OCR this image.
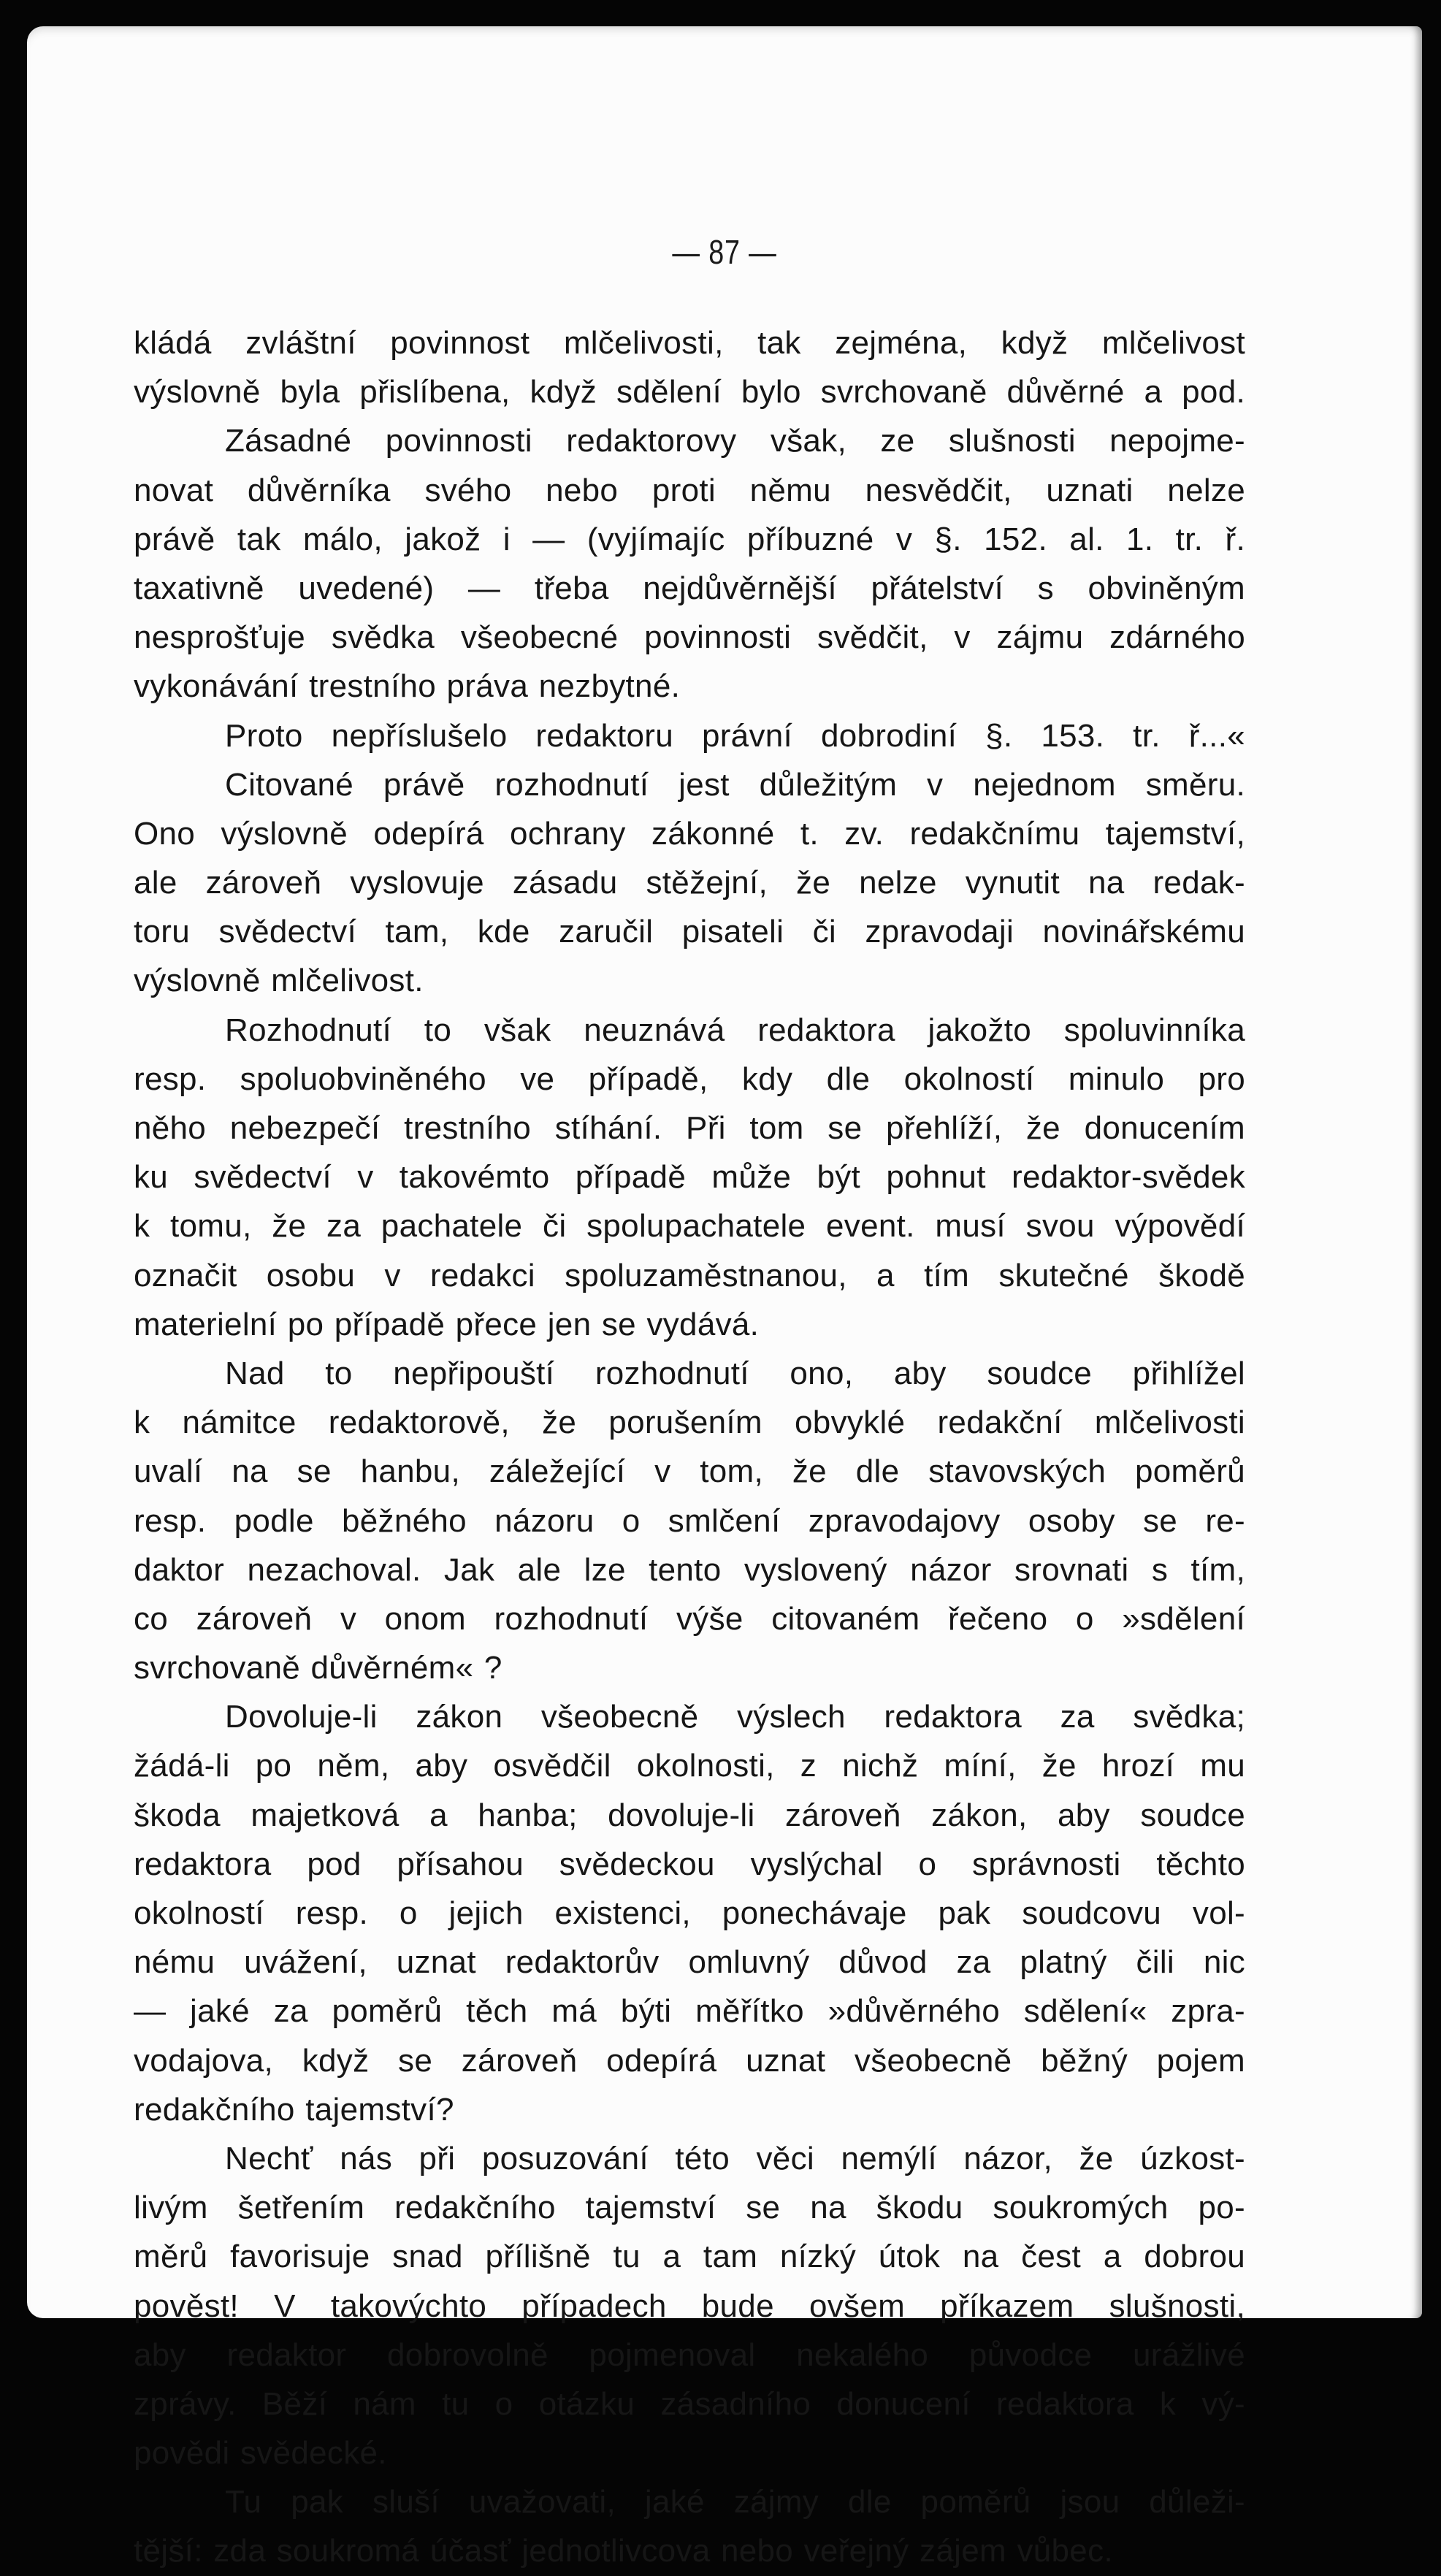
— 87 —
kládá zvláštní povinnost mlčelivosti, tak zejména, když mlčelivost
výslovně byla přislíbena, když sdělení bylo svrchovaně důvěrné a pod.
Zásadné povinnosti redaktorovy však, ze slušnosti nepojme-
novat důvěrníka svého nebo proti němu nesvědčit, uznati nelze
právě tak málo, jakož i — (vyjímajíc příbuzné v §. 152. al. 1. tr. ř.
taxativně uvedené) — třeba nejdůvěrnější přátelství s obviněným
nesprošťuje svědka všeobecné povinnosti svědčit, v zájmu zdárného
vykonávání trestního práva nezbytné.
Proto nepříslušelo redaktoru právní dobrodiní §. 153. tr. ř...«
Citované právě rozhodnutí jest důležitým v nejednom směru.
Ono výslovně odepírá ochrany zákonné t. zv. redakčnímu tajemství,
ale zároveň vyslovuje zásadu stěžejní, že nelze vynutit na redak-
toru svědectví tam, kde zaručil pisateli či zpravodaji novinářskému
výslovně mlčelivost.
Rozhodnutí to však neuznává redaktora jakožto spoluvinníka
resp. spoluobviněného ve případě, kdy dle okolností minulo pro
něho nebezpečí trestního stíhání. Při tom se přehlíží, že donucením
ku svědectví v takovémto případě může být pohnut redaktor-svědek
k tomu, že za pachatele či spolupachatele event. musí svou výpovědí
označit osobu v redakci spoluzaměstnanou, a tím skutečné škodě
materielní po případě přece jen se vydává.
Nad to nepřipouští rozhodnutí ono, aby soudce přihlížel
k námitce redaktorově, že porušením obvyklé redakční mlčelivosti
uvalí na se hanbu, záležející v tom, že dle stavovských poměrů
resp. podle běžného názoru o smlčení zpravodajovy osoby se re-
daktor nezachoval. Jak ale lze tento vyslovený názor srovnati s tím,
co zároveň v onom rozhodnutí výše citovaném řečeno o »sdělení
svrchovaně důvěrném« ?
Dovoluje-li zákon všeobecně výslech redaktora za svědka;
žádá-li po něm, aby osvědčil okolnosti, z nichž míní, že hrozí mu
škoda majetková a hanba; dovoluje-li zároveň zákon, aby soudce
redaktora pod přísahou svědeckou vyslýchal o správnosti těchto
okolností resp. o jejich existenci, ponechávaje pak soudcovu vol-
nému uvážení, uznat redaktorův omluvný důvod za platný čili nic
— jaké za poměrů těch má býti měřítko »důvěrného sdělení« zpra-
vodajova, když se zároveň odepírá uznat všeobecně běžný pojem
redakčního tajemství?
Nechť nás při posuzování této věci nemýlí názor, že úzkost-
livým šetřením redakčního tajemství se na škodu soukromých po-
měrů favorisuje snad přílišně tu a tam nízký útok na čest a dobrou
pověst! V takovýchto případech bude ovšem příkazem slušnosti,
aby redaktor dobrovolně pojmenoval nekalého původce urážlivé
zprávy. Běží nám tu o otázku zásadního donucení redaktora k vý-
povědi svědecké.
Tu pak sluší uvažovati, jaké zájmy dle poměrů jsou důleži-
tější: zda soukromá účasť jednotlivcova nebo veřejný zájem vůbec.
